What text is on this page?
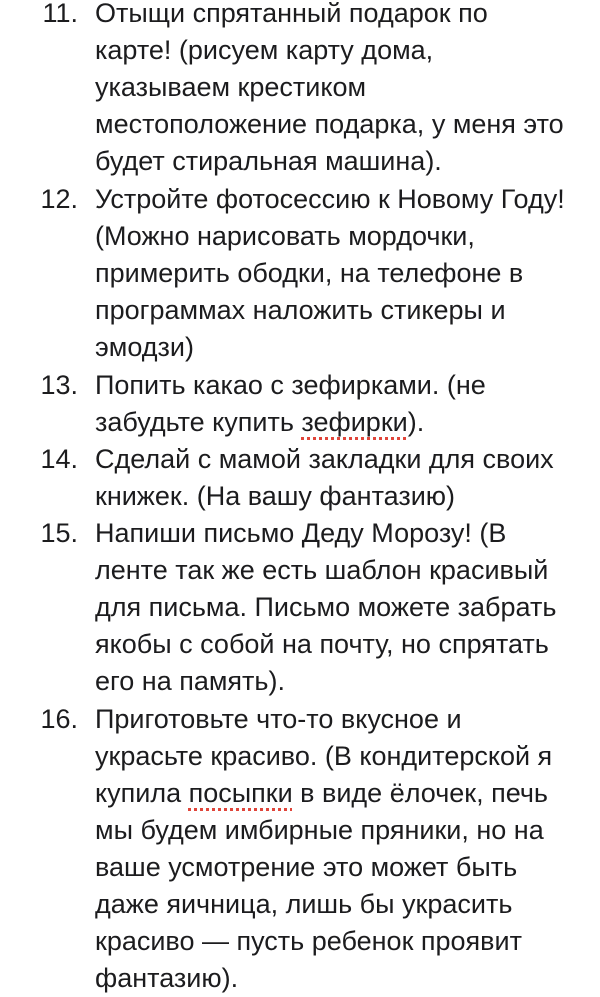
11. Отыщи спрятанный подарок по
карте! (рисуем карту дома,
указываем крестиком
местоположение подарка, у меня это
будет стиральная машина).
12. Устройте фотосессию к Новому Году!
(Можно нарисовать мордочки,
примерить ободки, на телефоне в
программах наложить стикеры и
эмодзи)
13. Попить какао с зефирками. (не
забудьте купить зефирки).
14. Сделай с мамой закладки для своих
книжек. (На вашу фантазию)
15. Напиши письмо Деду Морозу! (В
ленте так же есть шаблон красивый
для письма. Письмо можете забрать
якобы с собой на почту, но спрятать
его на память).
16. Приготовьте что-то вкусное и
украсьте красиво. (В кондитерской я
купила посыпки в виде ёлочек, печь
мы будем имбирные пряники, но на
ваше усмотрение это может быть
даже яичница, лишь бы украсить
красиво — пусть ребенок проявит
фантазию).
